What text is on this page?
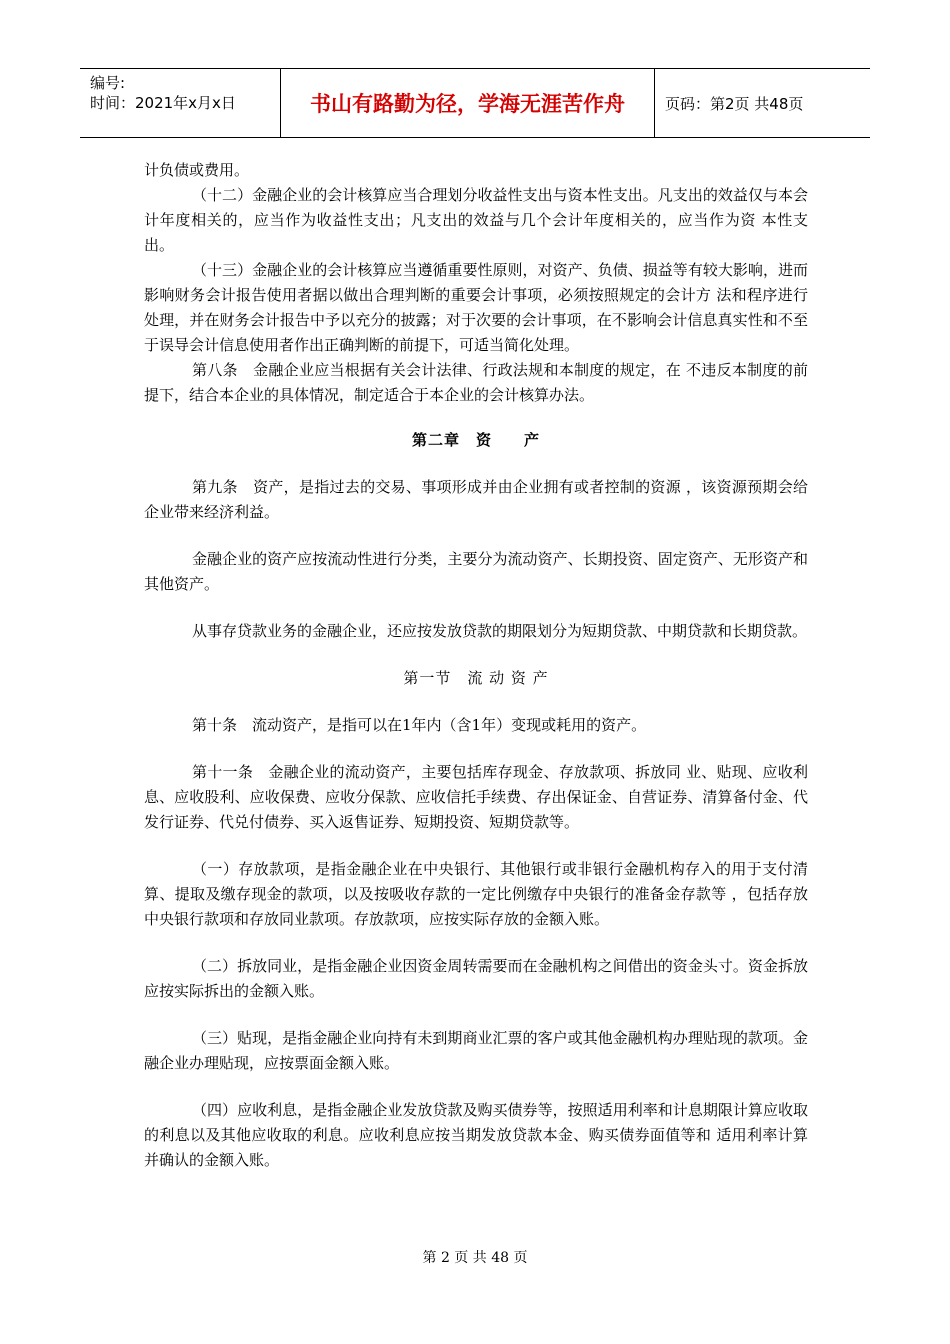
编号:
时间：2021年x月x日	书山有路勤为径，学海无涯苦作舟	页码：第2页 共48页

计负债或费用。

（十二）金融企业的会计核算应当合理划分收益性支出与资本性支出。凡支出的效益仅与本会计年度相关的，应当作为收益性支出；凡支出的效益与几个会计年度相关的，应当作为资 本性支出。

（十三）金融企业的会计核算应当遵循重要性原则，对资产、负债、损益等有较大影响，进而影响财务会计报告使用者据以做出合理判断的重要会计事项，必须按照规定的会计方 法和程序进行处理，并在财务会计报告中予以充分的披露；对于次要的会计事项，在不影响会计信息真实性和不至于误导会计信息使用者作出正确判断的前提下，可适当简化处理。

第八条　金融企业应当根据有关会计法律、行政法规和本制度的规定，在 不违反本制度的前提下，结合本企业的具体情况，制定适合于本企业的会计核算办法。

第二章　资　　产

第九条　资产，是指过去的交易、事项形成并由企业拥有或者控制的资源 ，该资源预期会给企业带来经济利益。

金融企业的资产应按流动性进行分类，主要分为流动资产、长期投资、固定资产、无形资产和其他资产。

从事存贷款业务的金融企业，还应按发放贷款的期限划分为短期贷款、中期贷款和长期贷款。

第一节　流 动 资 产

第十条　流动资产，是指可以在1年内（含1年）变现或耗用的资产。

第十一条　金融企业的流动资产，主要包括库存现金、存放款项、拆放同 业、贴现、应收利息、应收股利、应收保费、应收分保款、应收信托手续费、存出保证金、自营证券、清算备付金、代发行证券、代兑付债券、买入返售证券、短期投资、短期贷款等。

（一）存放款项，是指金融企业在中央银行、其他银行或非银行金融机构存入的用于支付清算、提取及缴存现金的款项，以及按吸收存款的一定比例缴存中央银行的准备金存款等 ，包括存放中央银行款项和存放同业款项。存放款项，应按实际存放的金额入账。

（二）拆放同业，是指金融企业因资金周转需要而在金融机构之间借出的资金头寸。资金拆放应按实际拆出的金额入账。

（三）贴现，是指金融企业向持有未到期商业汇票的客户或其他金融机构办理贴现的款项。金融企业办理贴现，应按票面金额入账。

（四）应收利息，是指金融企业发放贷款及购买债券等，按照适用利率和计息期限计算应收取的利息以及其他应收取的利息。应收利息应按当期发放贷款本金、购买债券面值等和 适用利率计算并确认的金额入账。

第 2 页 共 48 页
